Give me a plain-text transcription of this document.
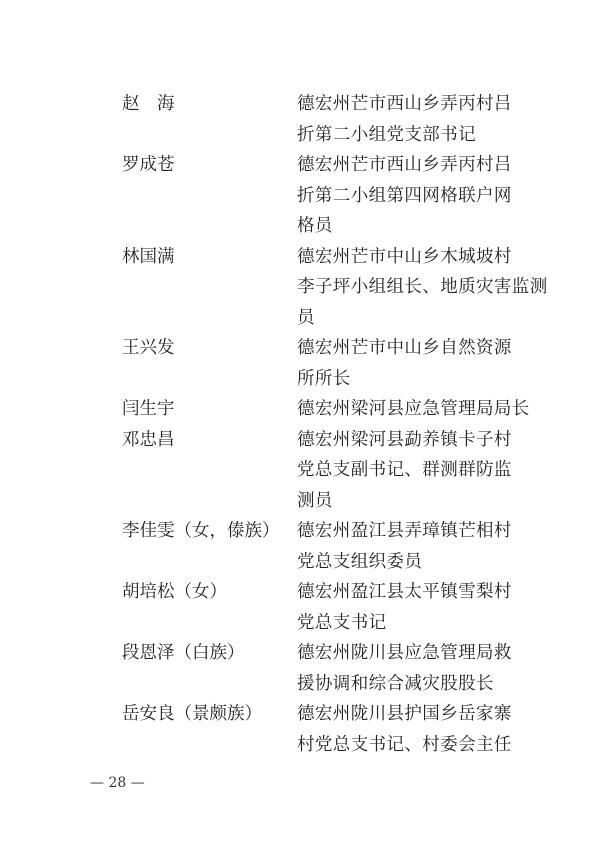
赵　海	德宏州芒市西山乡弄丙村吕
折第二小组党支部书记
罗成苍	德宏州芒市西山乡弄丙村吕
折第二小组第四网格联户网
格员
林国满	德宏州芒市中山乡木城坡村
李子坪小组组长、地质灾害监测
员
王兴发	德宏州芒市中山乡自然资源
所所长
闫生宇	德宏州梁河县应急管理局局长
邓忠昌	德宏州梁河县勐养镇卡子村
党总支副书记、群测群防监
测员
李佳雯（女，傣族） 德宏州盈江县弄璋镇芒相村
党总支组织委员
胡培松（女）	德宏州盈江县太平镇雪梨村
党总支书记
段恩泽（白族）	德宏州陇川县应急管理局救
援协调和综合减灾股股长
岳安良（景颇族） 德宏州陇川县护国乡岳家寨
村党总支书记、村委会主任
— 28 —
